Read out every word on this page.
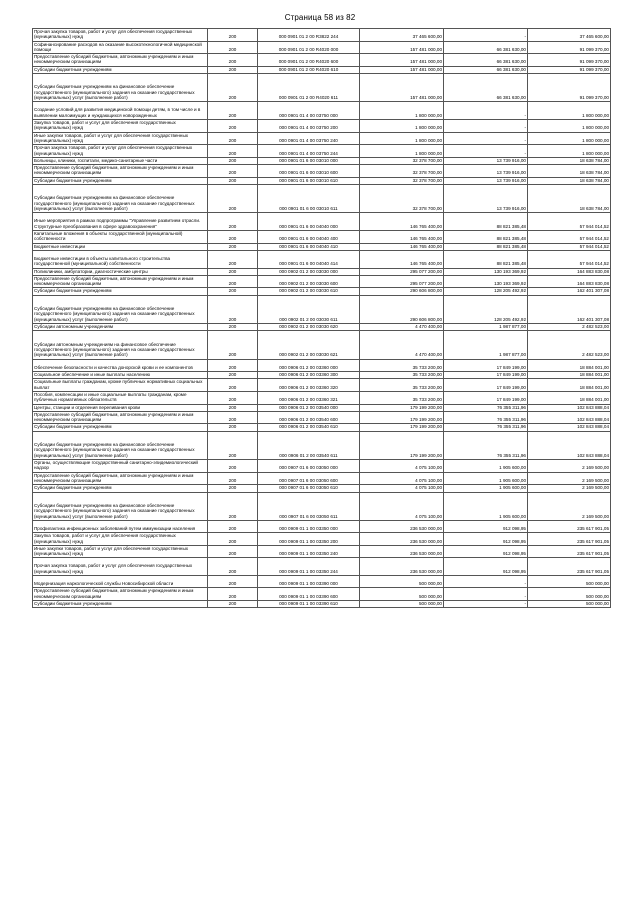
Страница 58 из 82
Прочая закупка товаров, работ и услуг для обеспечения государственных (муниципальных) нужд	200	000 0901 01 2 00 R3822 244	37 465 600,00	-	37 465 600,00
Софинансирование расходов на оказание высокотехнологичной медицинской помощи	200	000 0901 01 2 00 R4020 000	157 481 000,00	66 381 630,00	91 099 370,00
Предоставление субсидий бюджетным, автономным учреждениям и иным некоммерческим организациям	200	000 0901 01 2 00 R4020 600	157 481 000,00	66 381 630,00	91 099 370,00
Субсидии бюджетным учреждениям	200	000 0901 01 2 00 R4020 610	157 481 000,00	66 381 630,00	91 099 370,00
Субсидии бюджетным учреждениям на финансовое обеспечение государственного (муниципального) задания на оказание государственных (муниципальных) услуг (выполнение работ)	200	000 0901 01 2 00 R4020 611	157 481 000,00	66 381 630,00	91 099 370,00
Создание условий для развития медицинской помощи детям, в том числе и в выявлении малоимущих и нуждающихся новорожденных	200	000 0901 01 4 00 03750 000	1 800 000,00	-	1 800 000,00
Закупка товаров, работ и услуг для обеспечения государственных (муниципальных) нужд	200	000 0901 01 4 00 03750 200	1 800 000,00	-	1 800 000,00
Иные закупки товаров, работ и услуг для обеспечения государственных (муниципальных) нужд	200	000 0901 01 4 00 03750 240	1 800 000,00	-	1 800 000,00
Прочая закупка товаров, работ и услуг для обеспечения государственных (муниципальных) нужд	200	000 0901 01 4 00 03750 244	1 800 000,00	-	1 800 000,00
Больницы, клиники, госпитали, медико-санитарные части	200	000 0901 01 6 00 03010 000	32 378 700,00	13 739 916,00	18 638 784,00
Предоставление субсидий бюджетным, автономным учреждениям и иным некоммерческим организациям	200	000 0901 01 6 00 03010 600	32 378 700,00	13 739 916,00	18 638 784,00
Субсидии бюджетным учреждениям	200	000 0901 01 6 00 03010 610	32 378 700,00	13 739 916,00	18 638 784,00
Субсидии бюджетным учреждениям на финансовое обеспечение государственного (муниципального) задания на оказание государственных (муниципальных) услуг (выполнение работ)	200	000 0901 01 6 00 03010 611	32 378 700,00	13 739 916,00	18 638 784,00
Иные мероприятия в рамках подпрограммы "Управление развитием отрасли. Структурные преобразования в сфере здравоохранения"	200	000 0901 01 6 00 04040 000	146 765 400,00	88 821 385,48	57 944 014,52
Капитальные вложения в объекты государственной (муниципальной) собственности	200	000 0901 01 6 00 04040 400	146 765 400,00	88 821 385,48	57 944 014,52
Бюджетные инвестиции	200	000 0901 01 6 00 04040 410	146 765 400,00	88 821 385,48	57 944 014,52
Бюджетные инвестиции в объекты капитального строительства государственной (муниципальной) собственности	200	000 0901 01 6 00 04040 414	146 765 400,00	88 821 385,48	57 944 014,52
Поликлиники, амбулатории, диагностические центры	200	000 0902 01 2 00 03030 000	295 077 200,00	130 193 369,92	164 883 830,08
Предоставление субсидий бюджетным, автономным учреждениям и иным некоммерческим организациям	200	000 0902 01 2 00 03030 600	295 077 200,00	130 193 369,92	164 883 830,08
Субсидии бюджетным учреждениям	200	000 0902 01 2 00 03030 610	290 606 800,00	128 205 492,92	162 401 307,08
Субсидии бюджетным учреждениям на финансовое обеспечение государственного (муниципального) задания на оказание государственных (муниципальных) услуг (выполнение работ)	200	000 0902 01 2 00 03030 611	290 606 800,00	128 205 492,92	162 401 307,08
Субсидии автономным учреждениям	200	000 0902 01 2 00 03030 620	4 470 400,00	1 987 877,00	2 482 523,00
Субсидии автономным учреждениям на финансовое обеспечение государственного (муниципального) задания на оказание государственных (муниципальных) услуг (выполнение работ)	200	000 0902 01 2 00 03030 621	4 470 400,00	1 987 877,00	2 482 523,00
Обеспечение безопасности и качества донорской крови и ее компонентов	200	000 0906 01 2 00 03360 000	35 733 200,00	17 849 199,00	18 884 001,00
Социальное обеспечение и иные выплаты населению	200	000 0906 01 2 00 03360 300	35 733 200,00	17 849 199,00	18 884 001,00
Социальные выплаты гражданам, кроме публичных нормативных социальных выплат	200	000 0906 01 2 00 03360 320	35 733 200,00	17 849 199,00	18 884 001,00
Пособия, компенсации и иные социальные выплаты гражданам, кроме публичных нормативных обязательств	200	000 0906 01 2 00 03360 321	35 733 200,00	17 849 199,00	18 884 001,00
Центры, станции и отделения переливания крови	200	000 0906 01 2 00 03540 000	179 199 200,00	76 355 311,96	102 843 888,04
Предоставление субсидий бюджетным, автономным учреждениям и иным некоммерческим организациям	200	000 0906 01 2 00 03540 600	179 199 200,00	76 355 311,96	102 843 888,04
Субсидии бюджетным учреждениям	200	000 0906 01 2 00 03540 610	179 199 200,00	76 355 311,96	102 843 888,04
Субсидии бюджетным учреждениям на финансовое обеспечение государственного (муниципального) задания на оказание государственных (муниципальных) услуг (выполнение работ)	200	000 0906 01 2 00 03540 611	179 199 200,00	76 355 311,96	102 843 888,04
Органы, осуществляющие государственный санитарно-эпидемиологический надзор	200	000 0907 01 6 00 03050 000	4 075 100,00	1 905 600,00	2 169 500,00
Предоставление субсидий бюджетным, автономным учреждениям и иным некоммерческим организациям	200	000 0907 01 6 00 03050 600	4 075 100,00	1 905 600,00	2 169 500,00
Субсидии бюджетным учреждениям	200	000 0907 01 6 00 03050 610	4 075 100,00	1 905 600,00	2 169 500,00
Субсидии бюджетным учреждениям на финансовое обеспечение государственного (муниципального) задания на оказание государственных (муниципальных) услуг (выполнение работ)	200	000 0907 01 6 00 03050 611	4 075 100,00	1 905 600,00	2 169 500,00
Профилактика инфекционных заболеваний путем иммунизации населения	200	000 0909 01 1 00 03350 000	236 530 000,00	912 098,95	235 617 901,05
Закупка товаров, работ и услуг для обеспечения государственных (муниципальных) нужд	200	000 0909 01 1 00 03350 200	236 530 000,00	912 098,95	235 617 901,05
Иные закупки товаров, работ и услуг для обеспечения государственных (муниципальных) нужд	200	000 0909 01 1 00 03350 240	236 530 000,00	912 098,95	235 617 901,05
Прочая закупка товаров, работ и услуг для обеспечения государственных (муниципальных) нужд	200	000 0909 01 1 00 03350 244	236 530 000,00	912 098,95	235 617 901,05
Модернизация наркологической службы Новосибирской области	200	000 0909 01 1 00 03390 000	500 000,00	-	500 000,00
Предоставление субсидий бюджетным, автономным учреждениям и иным некоммерческим организациям	200	000 0909 01 1 00 03390 600	500 000,00	-	500 000,00
Субсидии бюджетным учреждениям	200	000 0909 01 1 00 03390 610	500 000,00	-	500 000,00
